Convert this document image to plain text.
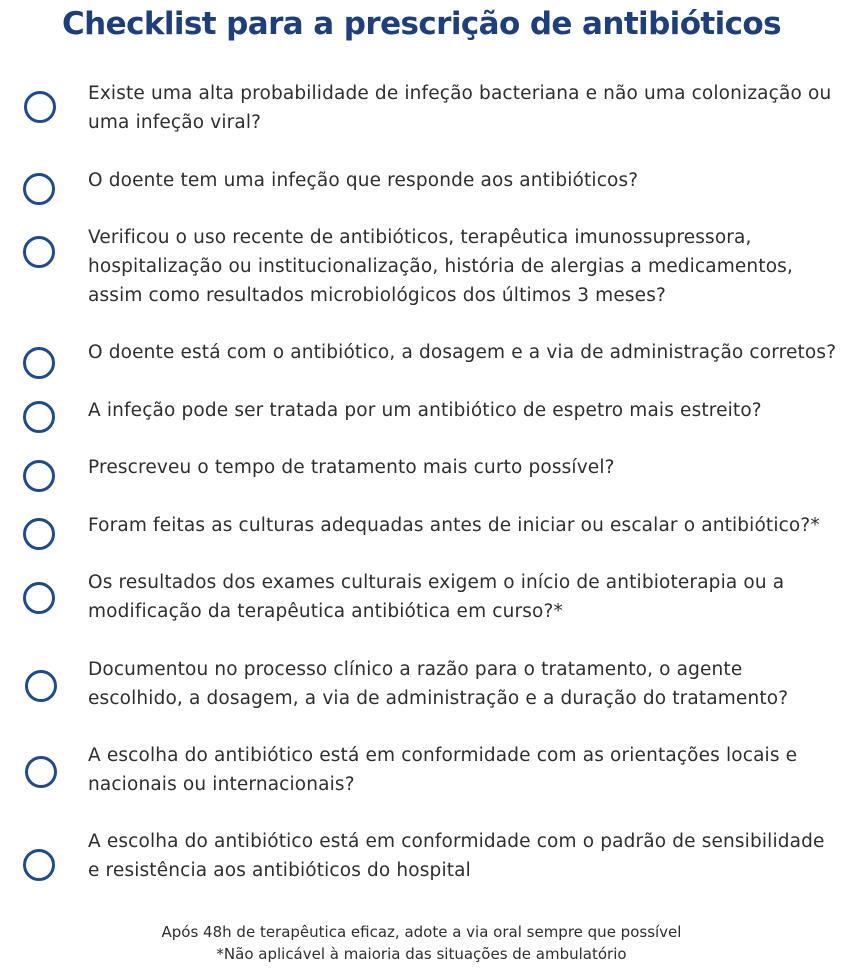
Checklist para a prescrição de antibióticos
Existe uma alta probabilidade de infeção bacteriana e não uma colonização ou uma infeção viral?
O doente tem uma infeção que responde aos antibióticos?
Verificou o uso recente de antibióticos, terapêutica imunossupressora, hospitalização ou institucionalização, história de alergias a medicamentos, assim como resultados microbiológicos dos últimos 3 meses?
O doente está com o antibiótico, a dosagem e a via de administração corretos?
A infeção pode ser tratada por um antibiótico de espetro mais estreito?
Prescreveu o tempo de tratamento mais curto possível?
Foram feitas as culturas adequadas antes de iniciar ou escalar o antibiótico?*
Os resultados dos exames culturais exigem o início de antibioterapia ou a modificação da terapêutica antibiótica em curso?*
Documentou no processo clínico a razão para o tratamento, o agente escolhido, a dosagem, a via de administração e a duração do tratamento?
A escolha do antibiótico está em conformidade com as orientações locais e nacionais ou internacionais?
A escolha do antibiótico está em conformidade com o padrão de sensibilidade e resistência aos antibióticos do hospital
Após 48h de terapêutica eficaz, adote a via oral sempre que possível
*Não aplicável à maioria das situações de ambulatório
